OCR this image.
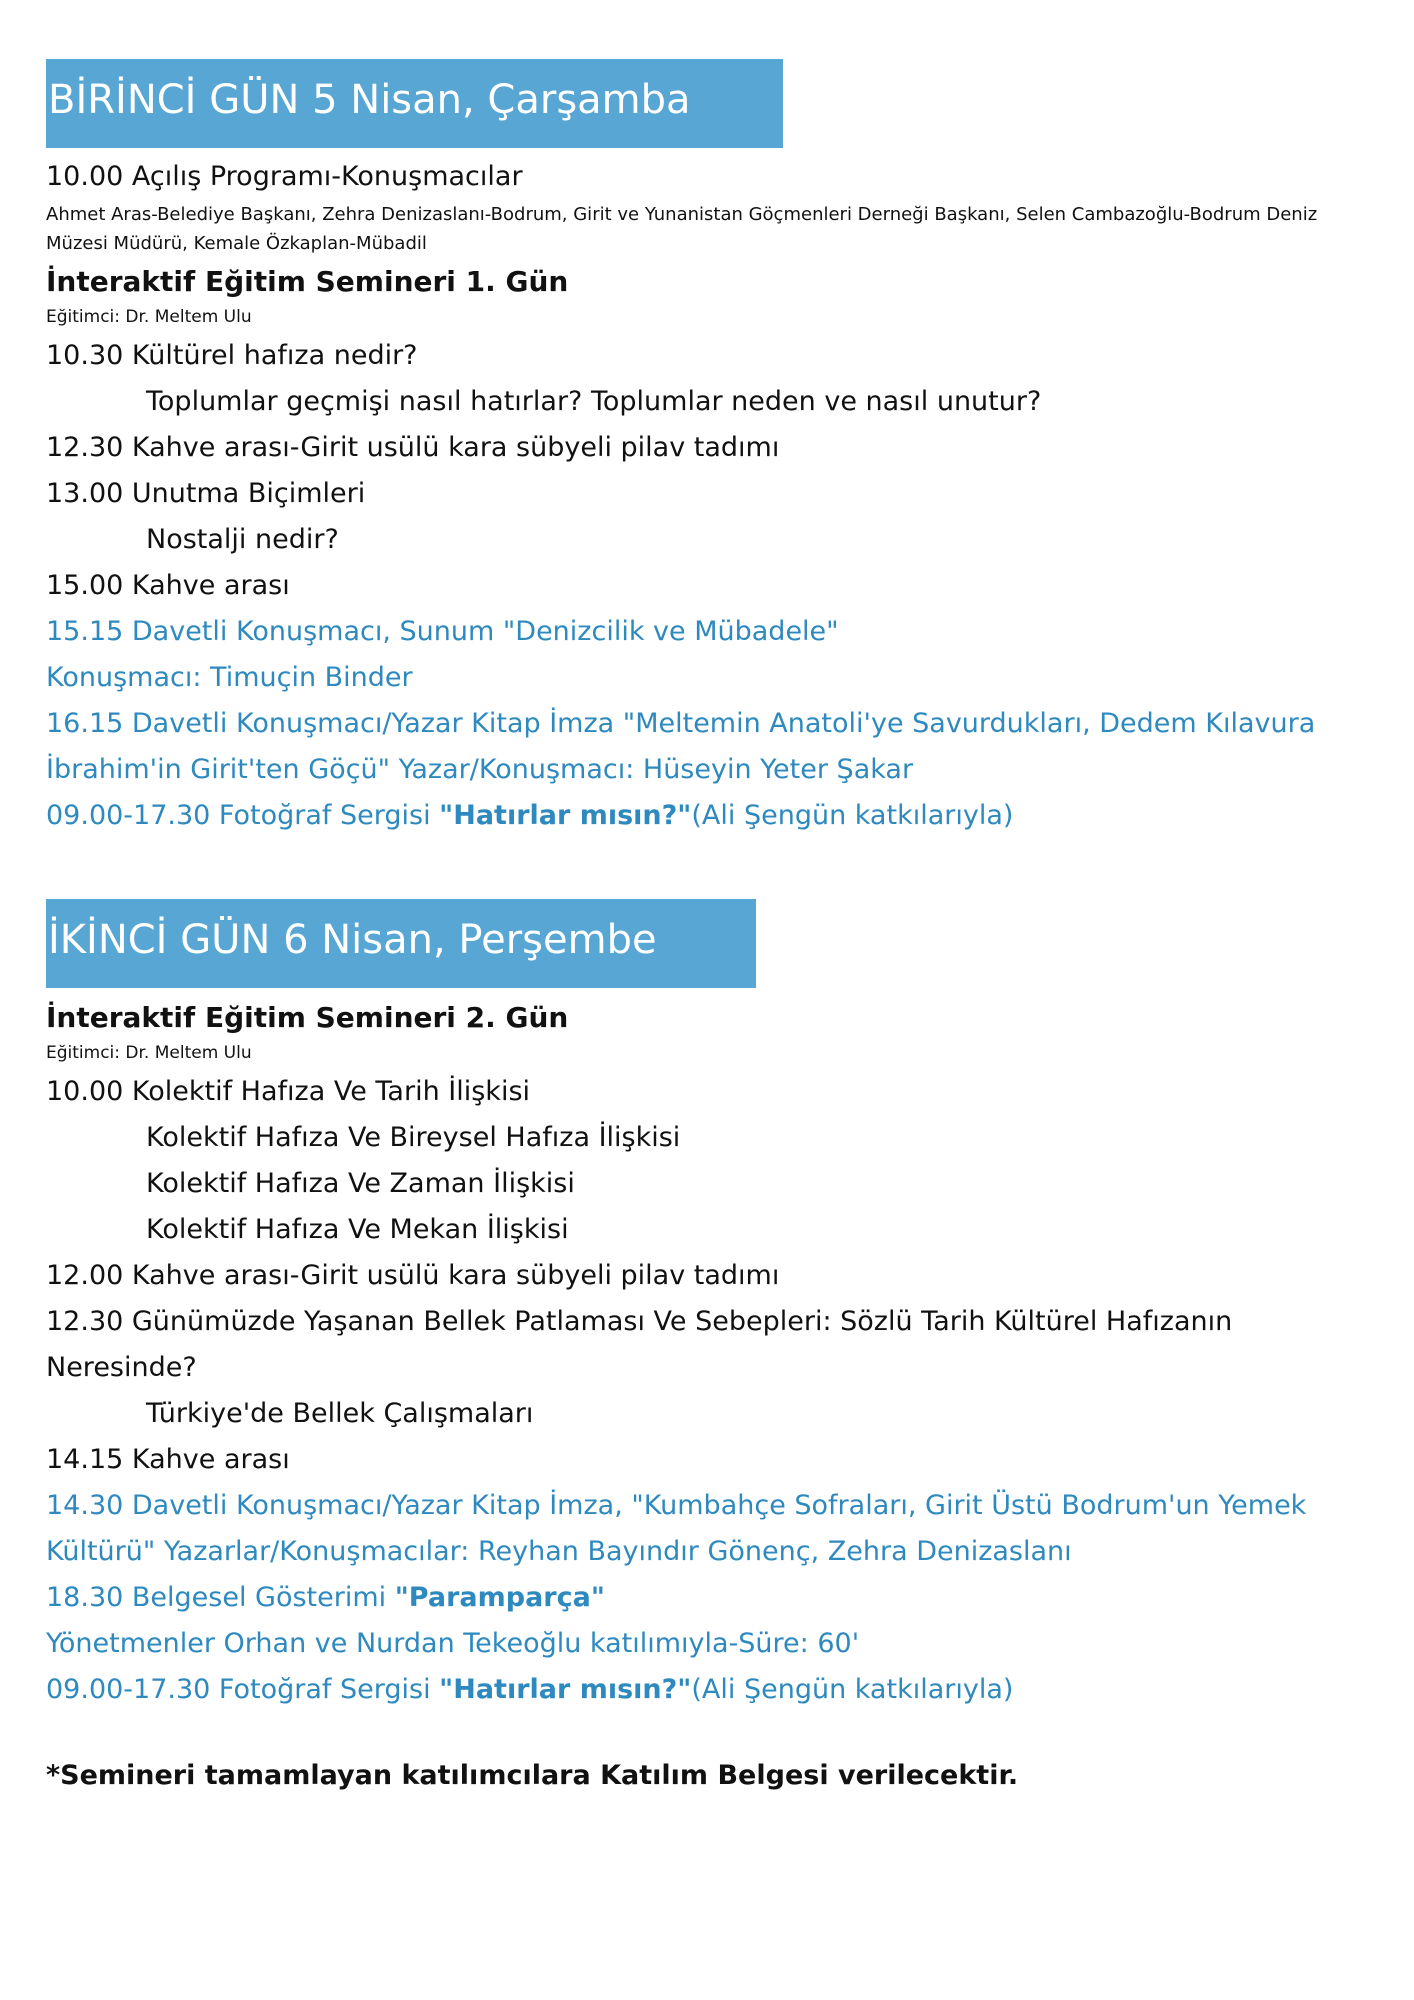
BİRİNCİ GÜN 5 Nisan, Çarşamba
10.00 Açılış Programı-Konuşmacılar
Ahmet Aras-Belediye Başkanı, Zehra Denizaslanı-Bodrum, Girit ve Yunanistan Göçmenleri Derneği Başkanı, Selen Cambazoğlu-Bodrum Deniz Müzesi Müdürü, Kemale Özkaplan-Mübadil
İnteraktif Eğitim Semineri 1. Gün
Eğitimci: Dr. Meltem Ulu
10.30 Kültürel hafıza nedir?
Toplumlar geçmişi nasıl hatırlar? Toplumlar neden ve nasıl unutur?
12.30 Kahve arası-Girit usülü kara sübyeli pilav tadımı
13.00 Unutma Biçimleri
Nostalji nedir?
15.00 Kahve arası
15.15 Davetli Konuşmacı, Sunum "Denizcilik ve Mübadele"
Konuşmacı: Timuçin Binder
16.15 Davetli Konuşmacı/Yazar Kitap İmza "Meltemin Anatoli'ye Savurdukları, Dedem Kılavura İbrahim'in Girit'ten Göçü" Yazar/Konuşmacı: Hüseyin Yeter Şakar
09.00-17.30 Fotoğraf Sergisi "Hatırlar mısın?"(Ali Şengün katkılarıyla)
İKİNCİ GÜN 6 Nisan, Perşembe
İnteraktif Eğitim Semineri 2. Gün
Eğitimci: Dr. Meltem Ulu
10.00 Kolektif Hafıza Ve Tarih İlişkisi
Kolektif Hafıza Ve Bireysel Hafıza İlişkisi
Kolektif Hafıza Ve Zaman İlişkisi
Kolektif Hafıza Ve Mekan İlişkisi
12.00 Kahve arası-Girit usülü kara sübyeli pilav tadımı
12.30 Günümüzde Yaşanan Bellek Patlaması Ve Sebepleri: Sözlü Tarih Kültürel Hafızanın Neresinde?
Türkiye'de Bellek Çalışmaları
14.15 Kahve arası
14.30 Davetli Konuşmacı/Yazar Kitap İmza, "Kumbahçe Sofraları, Girit Üstü Bodrum'un Yemek Kültürü" Yazarlar/Konuşmacılar: Reyhan Bayındır Gönenç, Zehra Denizaslanı
18.30 Belgesel Gösterimi "Paramparça"
Yönetmenler Orhan ve Nurdan Tekeoğlu katılımıyla-Süre: 60'
09.00-17.30 Fotoğraf Sergisi "Hatırlar mısın?"(Ali Şengün katkılarıyla)
*Semineri tamamlayan katılımcılara Katılım Belgesi verilecektir.
